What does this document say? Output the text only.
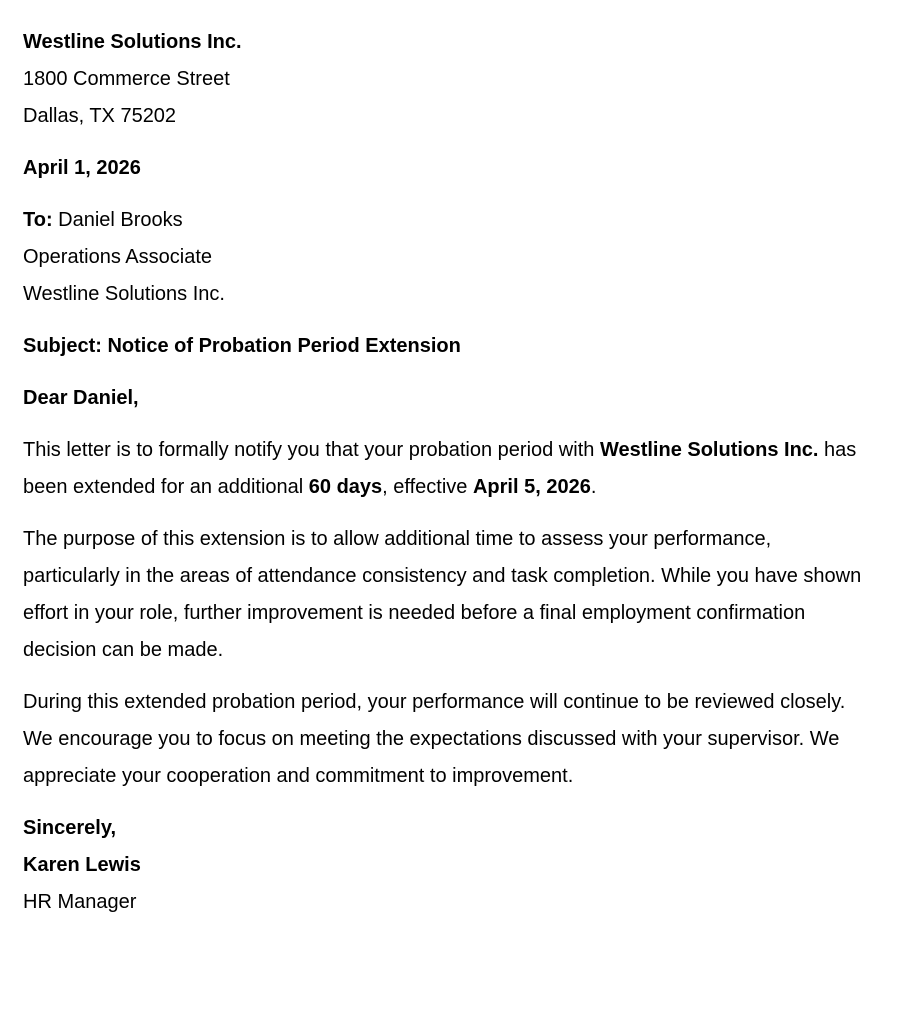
Westline Solutions Inc.
1800 Commerce Street
Dallas, TX 75202

April 1, 2026

To: Daniel Brooks
Operations Associate
Westline Solutions Inc.

Subject: Notice of Probation Period Extension

Dear Daniel,

This letter is to formally notify you that your probation period with Westline Solutions Inc. has been extended for an additional 60 days, effective April 5, 2026.

The purpose of this extension is to allow additional time to assess your performance, particularly in the areas of attendance consistency and task completion. While you have shown effort in your role, further improvement is needed before a final employment confirmation decision can be made.

During this extended probation period, your performance will continue to be reviewed closely. We encourage you to focus on meeting the expectations discussed with your supervisor. We appreciate your cooperation and commitment to improvement.

Sincerely,
Karen Lewis
HR Manager
